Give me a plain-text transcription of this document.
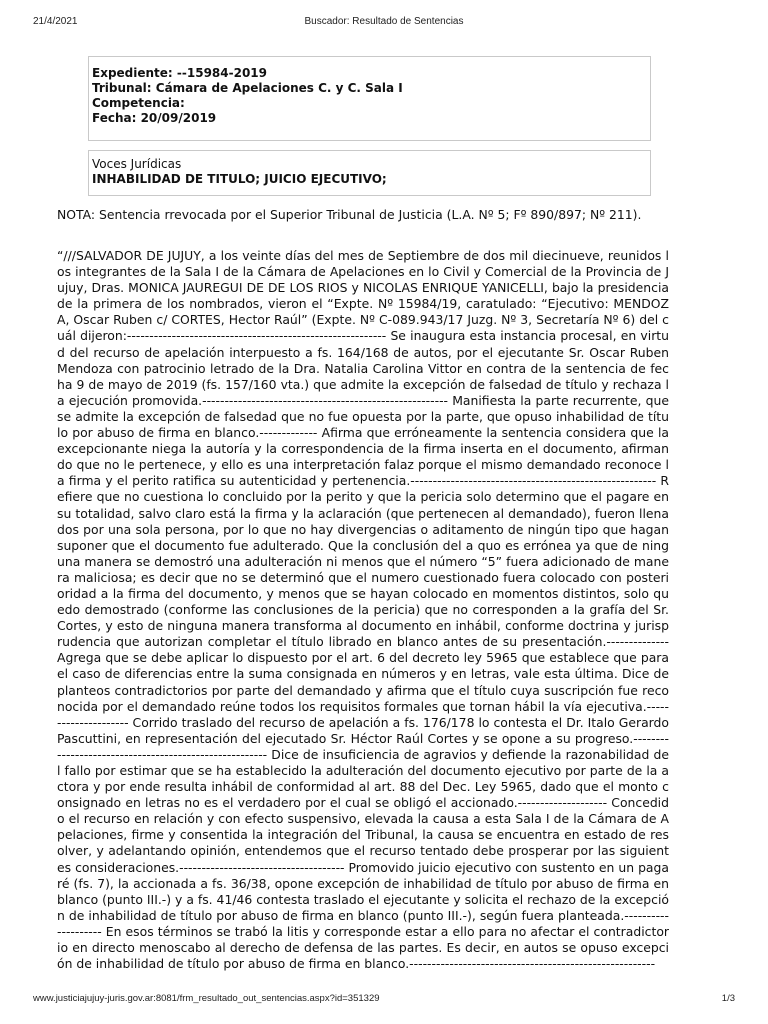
21/4/2021	Buscador: Resultado de Sentencias
Expediente: --15984-2019
Tribunal: Cámara de Apelaciones C. y C. Sala I
Competencia:
Fecha: 20/09/2019
Voces Jurídicas
INHABILIDAD DE TITULO; JUICIO EJECUTIVO;
NOTA: Sentencia rrevocada por el Superior Tribunal de Justicia (L.A. Nº 5; Fº 890/897; Nº 211).
“///SALVADOR DE JUJUY, a los veinte días del mes de Septiembre de dos mil diecinueve, reunidos los integrantes de la Sala I de la Cámara de Apelaciones en lo Civil y Comercial de la Provincia de Jujuy, Dras. MONICA JAUREGUI DE DE LOS RIOS y NICOLAS ENRIQUE YANICELLI, bajo la presidencia de la primera de los nombrados, vieron el “Expte. Nº 15984/19, caratulado: “Ejecutivo: MENDOZA, Oscar Ruben c/ CORTES, Hector Raúl” (Expte. Nº C-089.943/17 Juzg. Nº 3, Secretaría Nº 6) del cuál dijeron:---------------------------------------------------------- Se inaugura esta instancia procesal, en virtud del recurso de apelación interpuesto a fs. 164/168 de autos, por el ejecutante Sr. Oscar Ruben Mendoza con patrocinio letrado de la Dra. Natalia Carolina Vittor en contra de la sentencia de fecha 9 de mayo de 2019 (fs. 157/160 vta.) que admite la excepción de falsedad de título y rechaza la ejecución promovida.------------------------------------------------------- Manifiesta la parte recurrente, que se admite la excepción de falsedad que no fue opuesta por la parte, que opuso inhabilidad de título por abuso de firma en blanco.------------- Afirma que erróneamente la sentencia considera que la excepcionante niega la autoría y la correspondencia de la firma inserta en el documento, afirmando que no le pertenece, y ello es una interpretación falaz porque el mismo demandado reconoce la firma y el perito ratifica su autenticidad y pertenencia.------------------------------------------------------- Refiere que no cuestiona lo concluido por la perito y que la pericia solo determino que el pagare en su totalidad, salvo claro está la firma y la aclaración (que pertenecen al demandado), fueron llenados por una sola persona, por lo que no hay divergencias o aditamento de ningún tipo que hagan suponer que el documento fue adulterado. Que la conclusión del a quo es errónea ya que de ninguna manera se demostró una adulteración ni menos que el número “5” fuera adicionado de manera maliciosa; es decir que no se determinó que el numero cuestionado fuera colocado con posterioridad a la firma del documento, y menos que se hayan colocado en momentos distintos, solo quedo demostrado (conforme las conclusiones de la pericia) que no corresponden a la grafía del Sr. Cortes, y esto de ninguna manera transforma al documento en inhábil, conforme doctrina y jurisprudencia que autorizan completar el título librado en blanco antes de su presentación.-------------- Agrega que se debe aplicar lo dispuesto por el art. 6 del decreto ley 5965 que establece que para el caso de diferencias entre la suma consignada en números y en letras, vale esta última. Dice de planteos contradictorios por parte del demandado y afirma que el título cuya suscripción fue reconocida por el demandado reúne todos los requisitos formales que tornan hábil la vía ejecutiva.--------------------- Corrido traslado del recurso de apelación a fs. 176/178 lo contesta el Dr. Italo Gerardo Pascuttini, en representación del ejecutado Sr. Héctor Raúl Cortes y se opone a su progreso.------------------------------------------------------- Dice de insuficiencia de agravios y defiende la razonabilidad del fallo por estimar que se ha establecido la adulteración del documento ejecutivo por parte de la actora y por ende resulta inhábil de conformidad al art. 88 del Dec. Ley 5965, dado que el monto consignado en letras no es el verdadero por el cual se obligó el accionado.-------------------- Concedido el recurso en relación y con efecto suspensivo, elevada la causa a esta Sala I de la Cámara de Apelaciones, firme y consentida la integración del Tribunal, la causa se encuentra en estado de resolver, y adelantando opinión, entendemos que el recurso tentado debe prosperar por las siguientes consideraciones.------------------------------------- Promovido juicio ejecutivo con sustento en un pagaré (fs. 7), la accionada a fs. 36/38, opone excepción de inhabilidad de título por abuso de firma en blanco (punto III.-) y a fs. 41/46 contesta traslado el ejecutante y solicita el rechazo de la excepción de inhabilidad de título por abuso de firma en blanco (punto III.-), según fuera planteada.-------------------- En esos términos se trabó la litis y corresponde estar a ello para no afectar el contradictorio en directo menoscabo al derecho de defensa de las partes. Es decir, en autos se opuso excepción de inhabilidad de título por abuso de firma en blanco.-------------------------------------------------------
www.justiciajujuy-juris.gov.ar:8081/frm_resultado_out_sentencias.aspx?id=351329	1/3
